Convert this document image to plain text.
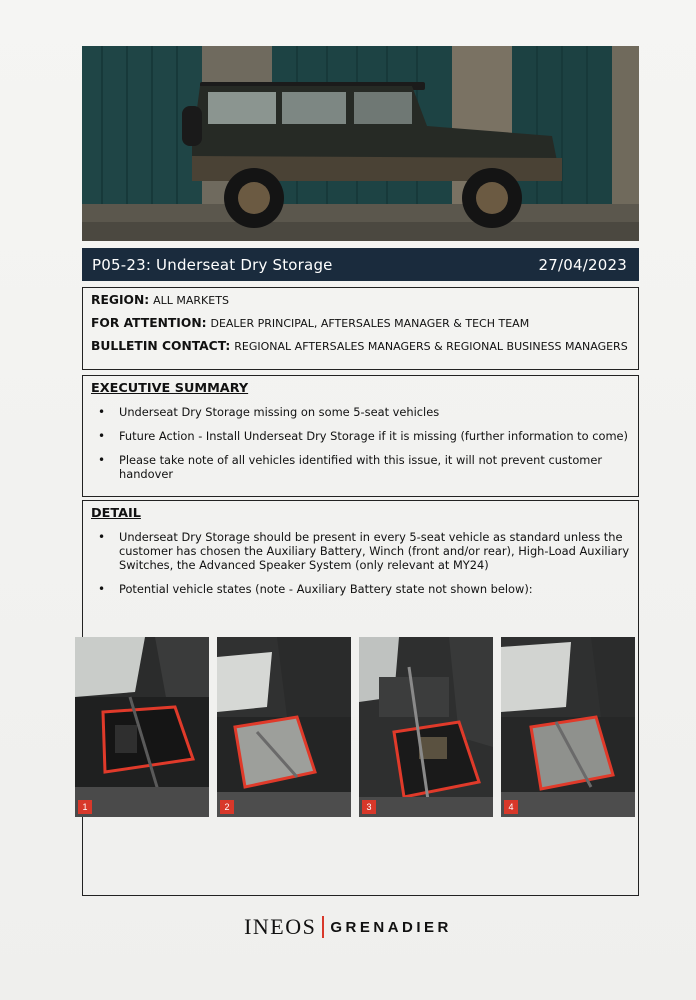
P05-23: Underseat Dry Storage	27/04/2023

REGION: ALL MARKETS

FOR ATTENTION: DEALER PRINCIPAL, AFTERSALES MANAGER & TECH TEAM

BULLETIN CONTACT: REGIONAL AFTERSALES MANAGERS & REGIONAL BUSINESS MANAGERS

EXECUTIVE SUMMARY
• Underseat Dry Storage missing on some 5-seat vehicles
• Future Action - Install Underseat Dry Storage if it is missing (further information to come)
• Please take note of all vehicles identified with this issue, it will not prevent customer handover
DETAIL
• Underseat Dry Storage should be present in every 5-seat vehicle as standard unless the customer has chosen the Auxiliary Battery, Winch (front and/or rear), High-Load Auxiliary Switches, the Advanced Speaker System (only relevant at MY24)
• Potential vehicle states (note - Auxiliary Battery state not shown below):
1	2	3	4
INEOS GRENADIER
